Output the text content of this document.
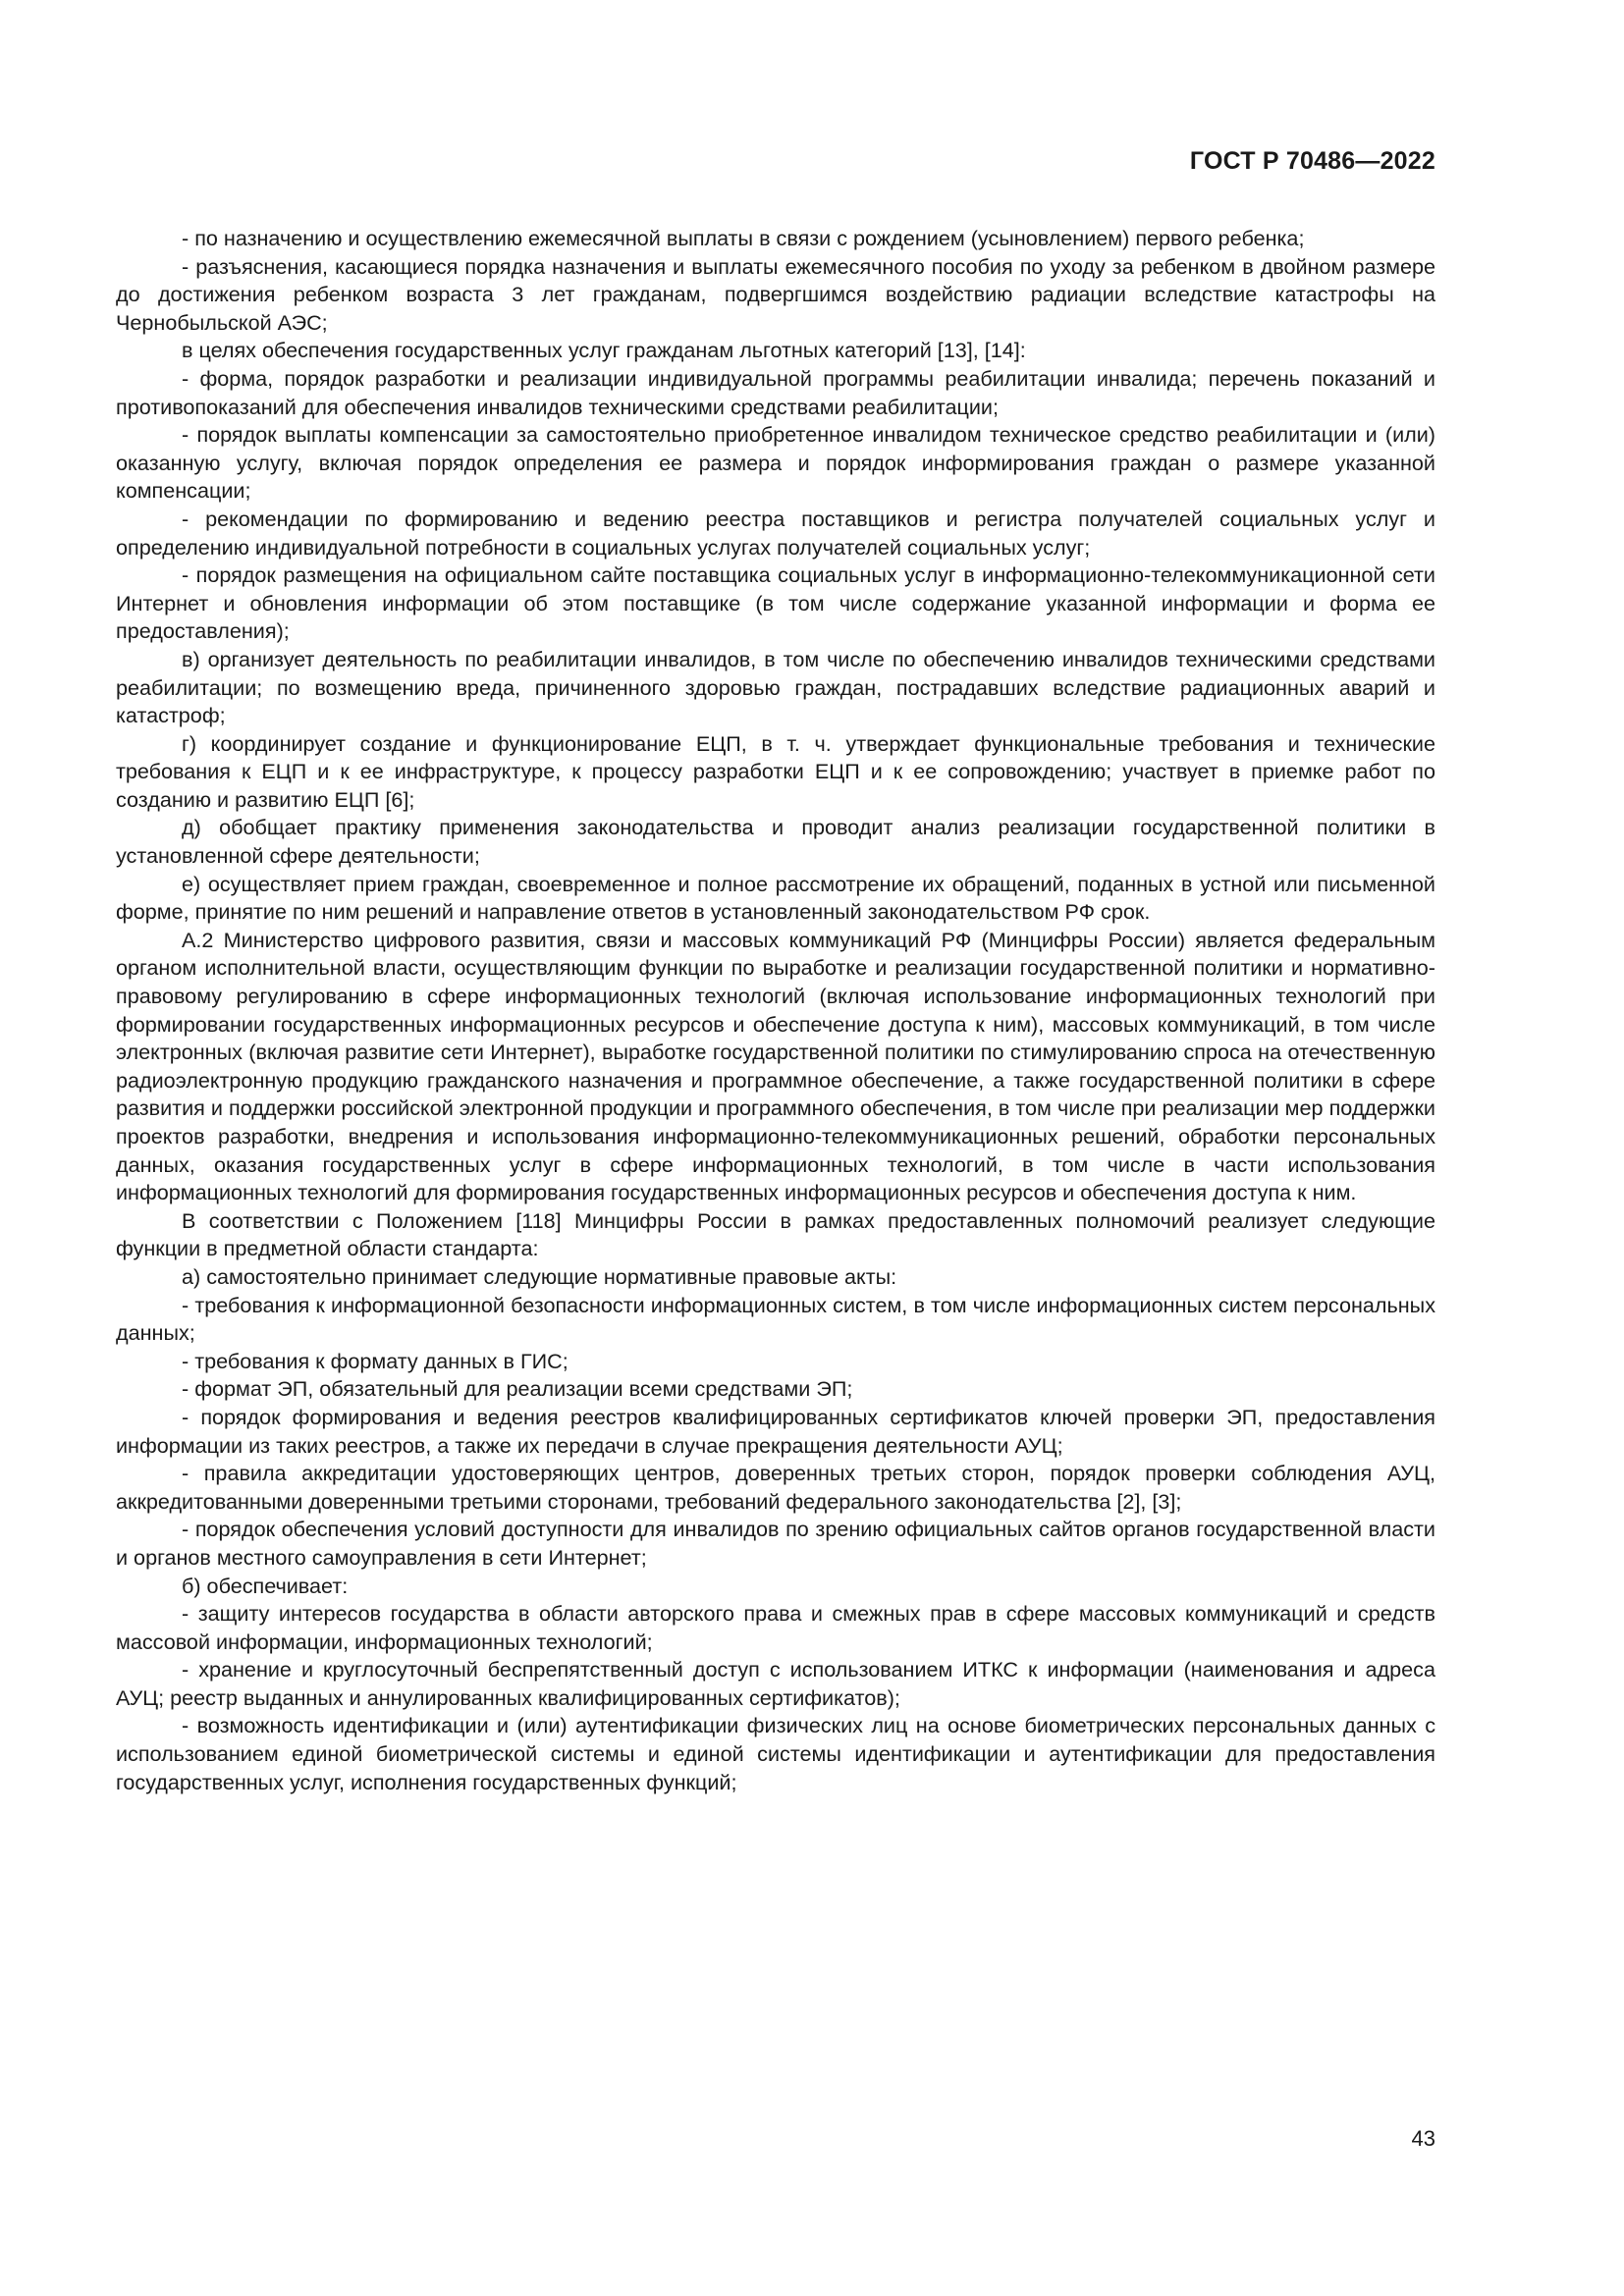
ГОСТ Р 70486—2022

- по назначению и осуществлению ежемесячной выплаты в связи с рождением (усыновлением) первого ребенка;

- разъяснения, касающиеся порядка назначения и выплаты ежемесячного пособия по уходу за ребенком в двойном размере до достижения ребенком возраста 3 лет гражданам, подвергшимся воздействию радиации вследствие катастрофы на Чернобыльской АЭС;

в целях обеспечения государственных услуг гражданам льготных категорий [13], [14]:

- форма, порядок разработки и реализации индивидуальной программы реабилитации инвалида; перечень показаний и противопоказаний для обеспечения инвалидов техническими средствами реабилитации;

- порядок выплаты компенсации за самостоятельно приобретенное инвалидом техническое средство реабилитации и (или) оказанную услугу, включая порядок определения ее размера и порядок информирования граждан о размере указанной компенсации;

- рекомендации по формированию и ведению реестра поставщиков и регистра получателей социальных услуг и определению индивидуальной потребности в социальных услугах получателей социальных услуг;

- порядок размещения на официальном сайте поставщика социальных услуг в информационно-телекоммуникационной сети Интернет и обновления информации об этом поставщике (в том числе содержание указанной информации и форма ее предоставления);

в) организует деятельность по реабилитации инвалидов, в том числе по обеспечению инвалидов техническими средствами реабилитации; по возмещению вреда, причиненного здоровью граждан, пострадавших вследствие радиационных аварий и катастроф;

г) координирует создание и функционирование ЕЦП, в т. ч. утверждает функциональные требования и технические требования к ЕЦП и к ее инфраструктуре, к процессу разработки ЕЦП и к ее сопровождению; участвует в приемке работ по созданию и развитию ЕЦП [6];

д) обобщает практику применения законодательства и проводит анализ реализации государственной политики в установленной сфере деятельности;

е) осуществляет прием граждан, своевременное и полное рассмотрение их обращений, поданных в устной или письменной форме, принятие по ним решений и направление ответов в установленный законодательством РФ срок.

А.2 Министерство цифрового развития, связи и массовых коммуникаций РФ (Минцифры России) является федеральным органом исполнительной власти, осуществляющим функции по выработке и реализации государственной политики и нормативно-правовому регулированию в сфере информационных технологий (включая использование информационных технологий при формировании государственных информационных ресурсов и обеспечение доступа к ним), массовых коммуникаций, в том числе электронных (включая развитие сети Интернет), выработке государственной политики по стимулированию спроса на отечественную радиоэлектронную продукцию гражданского назначения и программное обеспечение, а также государственной политики в сфере развития и поддержки российской электронной продукции и программного обеспечения, в том числе при реализации мер поддержки проектов разработки, внедрения и использования информационно-телекоммуникационных решений, обработки персональных данных, оказания государственных услуг в сфере информационных технологий, в том числе в части использования информационных технологий для формирования государственных информационных ресурсов и обеспечения доступа к ним.

В соответствии с Положением [118] Минцифры России в рамках предоставленных полномочий реализует следующие функции в предметной области стандарта:

а) самостоятельно принимает следующие нормативные правовые акты:

- требования к информационной безопасности информационных систем, в том числе информационных систем персональных данных;

- требования к формату данных в ГИС;

- формат ЭП, обязательный для реализации всеми средствами ЭП;

- порядок формирования и ведения реестров квалифицированных сертификатов ключей проверки ЭП, предоставления информации из таких реестров, а также их передачи в случае прекращения деятельности АУЦ;

- правила аккредитации удостоверяющих центров, доверенных третьих сторон, порядок проверки соблюдения АУЦ, аккредитованными доверенными третьими сторонами, требований федерального законодательства [2], [3];

- порядок обеспечения условий доступности для инвалидов по зрению официальных сайтов органов государственной власти и органов местного самоуправления в сети Интернет;

б) обеспечивает:

- защиту интересов государства в области авторского права и смежных прав в сфере массовых коммуникаций и средств массовой информации, информационных технологий;

- хранение и круглосуточный беспрепятственный доступ с использованием ИТКС к информации (наименования и адреса АУЦ; реестр выданных и аннулированных квалифицированных сертификатов);

- возможность идентификации и (или) аутентификации физических лиц на основе биометрических персональных данных с использованием единой биометрической системы и единой системы идентификации и аутентификации для предоставления государственных услуг, исполнения государственных функций;

43
